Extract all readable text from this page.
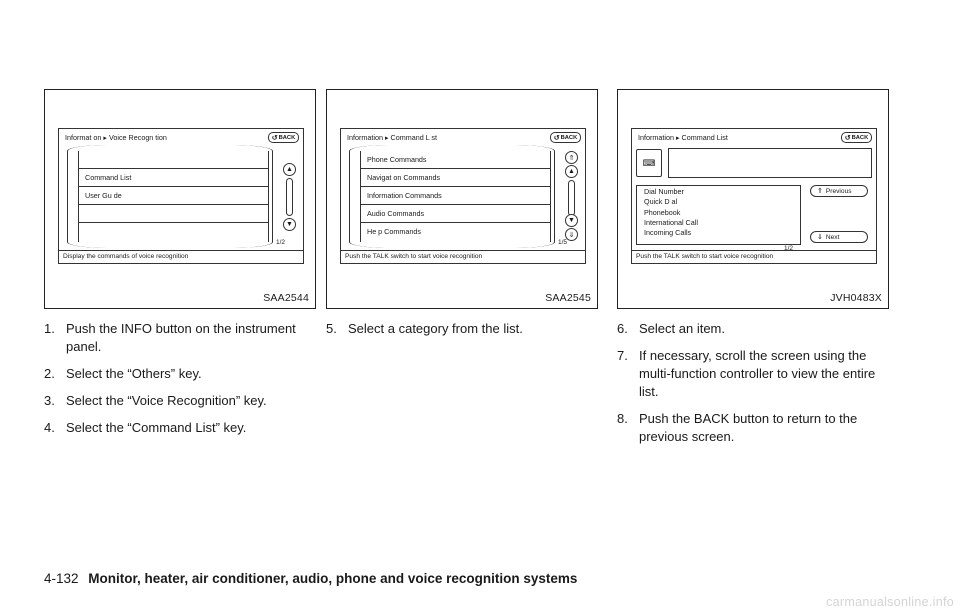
Informat on ▸ Voice Recogn tion	↺ BACK
Command List
User Gu de
▲
▼
1/2
Display the commands of voice recognition
SAA2544
Information ▸ Command L st	↺ BACK
Phone Commands
Navigat on Commands
Information Commands
Audio Commands
He p Commands
⇑
▲
▼
⇓
1/5
Push the TALK switch to start voice recognition
SAA2545
Information ▸ Command List	↺ BACK
⌨
Dial Number
Quick D al
Phonebook
International Call
Incoming Calls
⇑ Previous
⇓ Next
1/2
Push the TALK switch to start voice recognition
JVH0483X
1. Push the INFO button on the instrument panel.
2. Select the “Others” key.
3. Select the “Voice Recognition” key.
4. Select the “Command List” key.
5. Select a category from the list.	6. Select an item.
7. If necessary, scroll the screen using the multi-function controller to view the entire list.
8. Push the BACK button to return to the previous screen.
4-132 Monitor, heater, air conditioner, audio, phone and voice recognition systems
carmanualsonline.info
